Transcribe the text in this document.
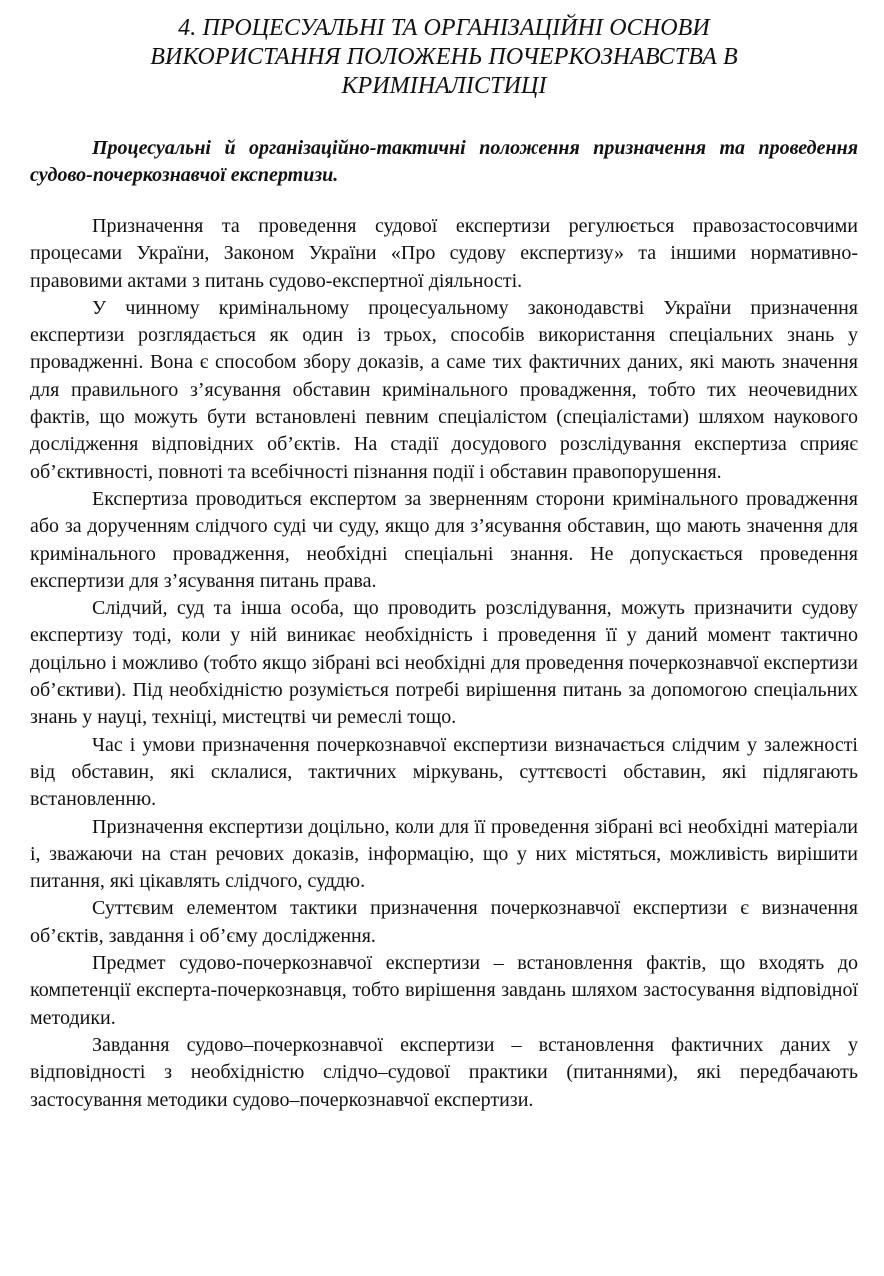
4. ПРОЦЕСУАЛЬНІ ТА ОРГАНІЗАЦІЙНІ ОСНОВИ
ВИКОРИСТАННЯ ПОЛОЖЕНЬ ПОЧЕРКОЗНАВСТВА В
КРИМІНАЛІСТИЦІ
Процесуальні й організаційно-тактичні положення призначення та проведення судово-почеркознавчої експертизи.

Призначення та проведення судової експертизи регулюється правозастосовчими процесами України, Законом України «Про судову експертизу» та іншими нормативно-правовими актами з питань судово-експертної діяльності.

У чинному кримінальному процесуальному законодавстві України призначення експертизи розглядається як один із трьох, способів використання спеціальних знань у провадженні. Вона є способом збору доказів, а саме тих фактичних даних, які мають значення для правильного з’ясування обставин кримінального провадження, тобто тих неочевидних фактів, що можуть бути встановлені певним спеціалістом (спеціалістами) шляхом наукового дослідження відповідних об’єктів. На стадії досудового розслідування експертиза сприяє об’єктивності, повноті та всебічності пізнання події і обставин правопорушення.

Експертиза проводиться експертом за зверненням сторони кримінального провадження або за дорученням слідчого суді чи суду, якщо для з’ясування обставин, що мають значення для кримінального провадження, необхідні спеціальні знання. Не допускається проведення експертизи для з’ясування питань права.

Слідчий, суд та інша особа, що проводить розслідування, можуть призначити судову експертизу тоді, коли у ній виникає необхідність і проведення її у даний момент тактично доцільно і можливо (тобто якщо зібрані всі необхідні для проведення почеркознавчої експертизи об’єктиви). Під необхідністю розуміється потребі вирішення питань за допомогою спеціальних знань у науці, техніці, мистецтві чи ремеслі тощо.

Час і умови призначення почеркознавчої експертизи визначається слідчим у залежності від обставин, які склалися, тактичних міркувань, суттєвості обставин, які підлягають встановленню.

Призначення експертизи доцільно, коли для її проведення зібрані всі необхідні матеріали і, зважаючи на стан речових доказів, інформацію, що у них містяться, можливість вирішити питання, які цікавлять слідчого, суддю.

Суттєвим елементом тактики призначення почеркознавчої експертизи є визначення об’єктів, завдання і об’єму дослідження.

Предмет судово-почеркознавчої експертизи – встановлення фактів, що входять до компетенції експерта-почеркознавця, тобто вирішення завдань шляхом застосування відповідної методики.

Завдання судово–почеркознавчої експертизи – встановлення фактичних даних у відповідності з необхідністю слідчо–судової практики (питаннями), які передбачають застосування методики судово–почеркознавчої експертизи.
